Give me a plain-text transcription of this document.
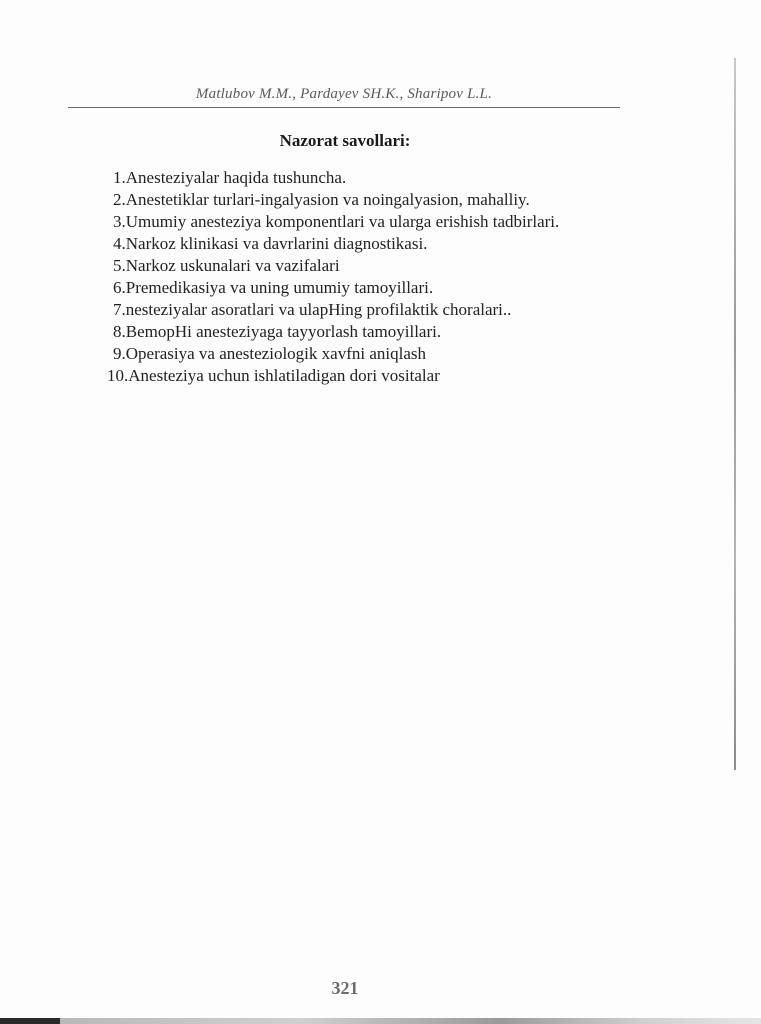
Matlubov M.M., Pardayev SH.K., Sharipov L.L.
Nazorat savollari:

1.Anesteziyalar haqida tushuncha.

2.Anestetiklar turlari-ingalyasion va noingalyasion, mahalliy.

3.Umumiy anesteziya komponentlari va ularga erishish tadbirlari.

4.Narkoz klinikasi va davrlarini diagnostikasi.

5.Narkoz uskunalari va vazifalari

6.Premedikasiya va uning umumiy tamoyillari.

7.nesteziyalar asoratlari va ulapHing profilaktik choralari..

8.BemopHi anesteziyaga tayyorlash tamoyillari.

9.Operasiya va anesteziologik xavfni aniqlash

10.Anesteziya uchun ishlatiladigan dori vositalar

321
